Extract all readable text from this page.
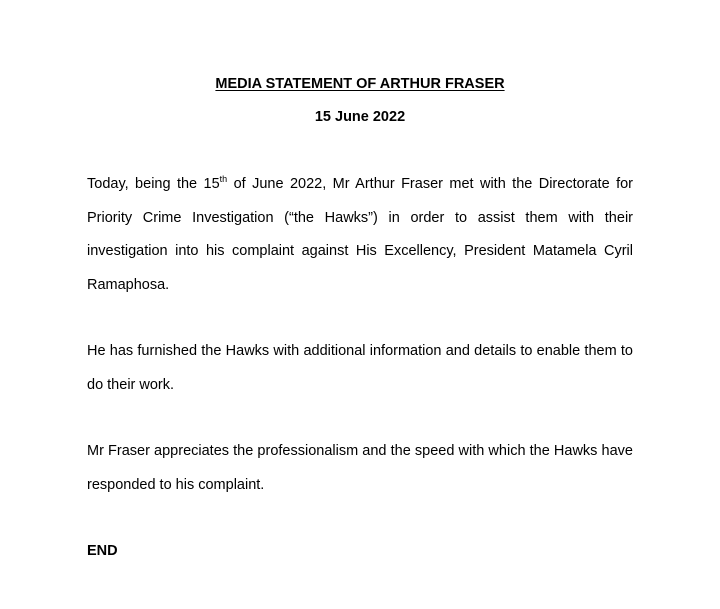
MEDIA STATEMENT OF ARTHUR FRASER
15 June 2022
Today, being the 15th of June 2022, Mr Arthur Fraser met with the Directorate for Priority Crime Investigation (“the Hawks”) in order to assist them with their investigation into his complaint against His Excellency, President Matamela Cyril Ramaphosa.
He has furnished the Hawks with additional information and details to enable them to do their work.
Mr Fraser appreciates the professionalism and the speed with which the Hawks have responded to his complaint.
END
